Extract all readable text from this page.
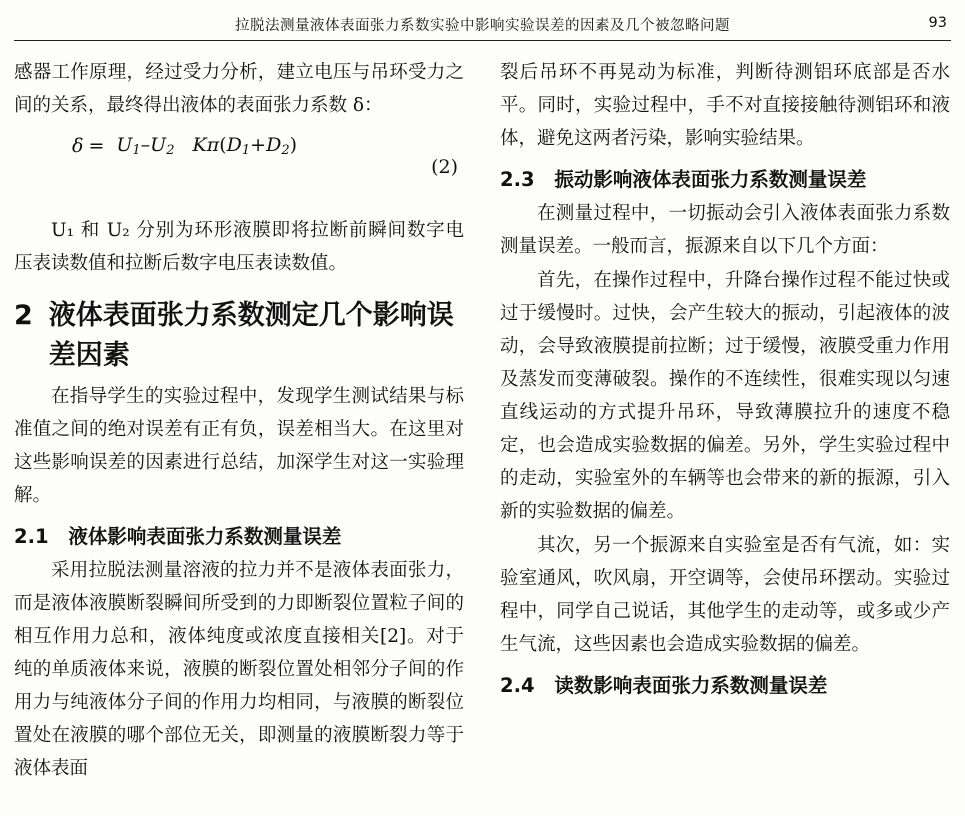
拉脱法测量液体表面张力系数实验中影响实验误差的因素及几个被忽略问题	93

感器工作原理，经过受力分析，建立电压与吊环受力之间的关系，最终得出液体的表面张力系数 δ：

δ = U1–U2 Kπ(D1+D2)
(2)

U₁ 和 U₂ 分别为环形液膜即将拉断前瞬间数字电压表读数值和拉断后数字电压表读数值。

2 液体表面张力系数测定几个影响误差因素

在指导学生的实验过程中，发现学生测试结果与标准值之间的绝对误差有正有负，误差相当大。在这里对这些影响误差的因素进行总结，加深学生对这一实验理解。

2.1 液体影响表面张力系数测量误差

采用拉脱法测量溶液的拉力并不是液体表面张力，而是液体液膜断裂瞬间所受到的力即断裂位置粒子间的相互作用力总和，液体纯度或浓度直接相关[2]。对于纯的单质液体来说，液膜的断裂位置处相邻分子间的作用力与纯液体分子间的作用力均相同，与液膜的断裂位置处在液膜的哪个部位无关，即测量的液膜断裂力等于液体表面

裂后吊环不再晃动为标准，判断待测铝环底部是否水平。同时，实验过程中，手不对直接接触待测铝环和液体，避免这两者污染，影响实验结果。

2.3 振动影响液体表面张力系数测量误差

在测量过程中，一切振动会引入液体表面张力系数测量误差。一般而言，振源来自以下几个方面：

首先，在操作过程中，升降台操作过程不能过快或过于缓慢时。过快，会产生较大的振动，引起液体的波动，会导致液膜提前拉断；过于缓慢，液膜受重力作用及蒸发而变薄破裂。操作的不连续性，很难实现以匀速直线运动的方式提升吊环，导致薄膜拉升的速度不稳定，也会造成实验数据的偏差。另外，学生实验过程中的走动，实验室外的车辆等也会带来的新的振源，引入新的实验数据的偏差。

其次，另一个振源来自实验室是否有气流，如：实验室通风，吹风扇，开空调等，会使吊环摆动。实验过程中，同学自己说话，其他学生的走动等，或多或少产生气流，这些因素也会造成实验数据的偏差。

2.4 读数影响表面张力系数测量误差
